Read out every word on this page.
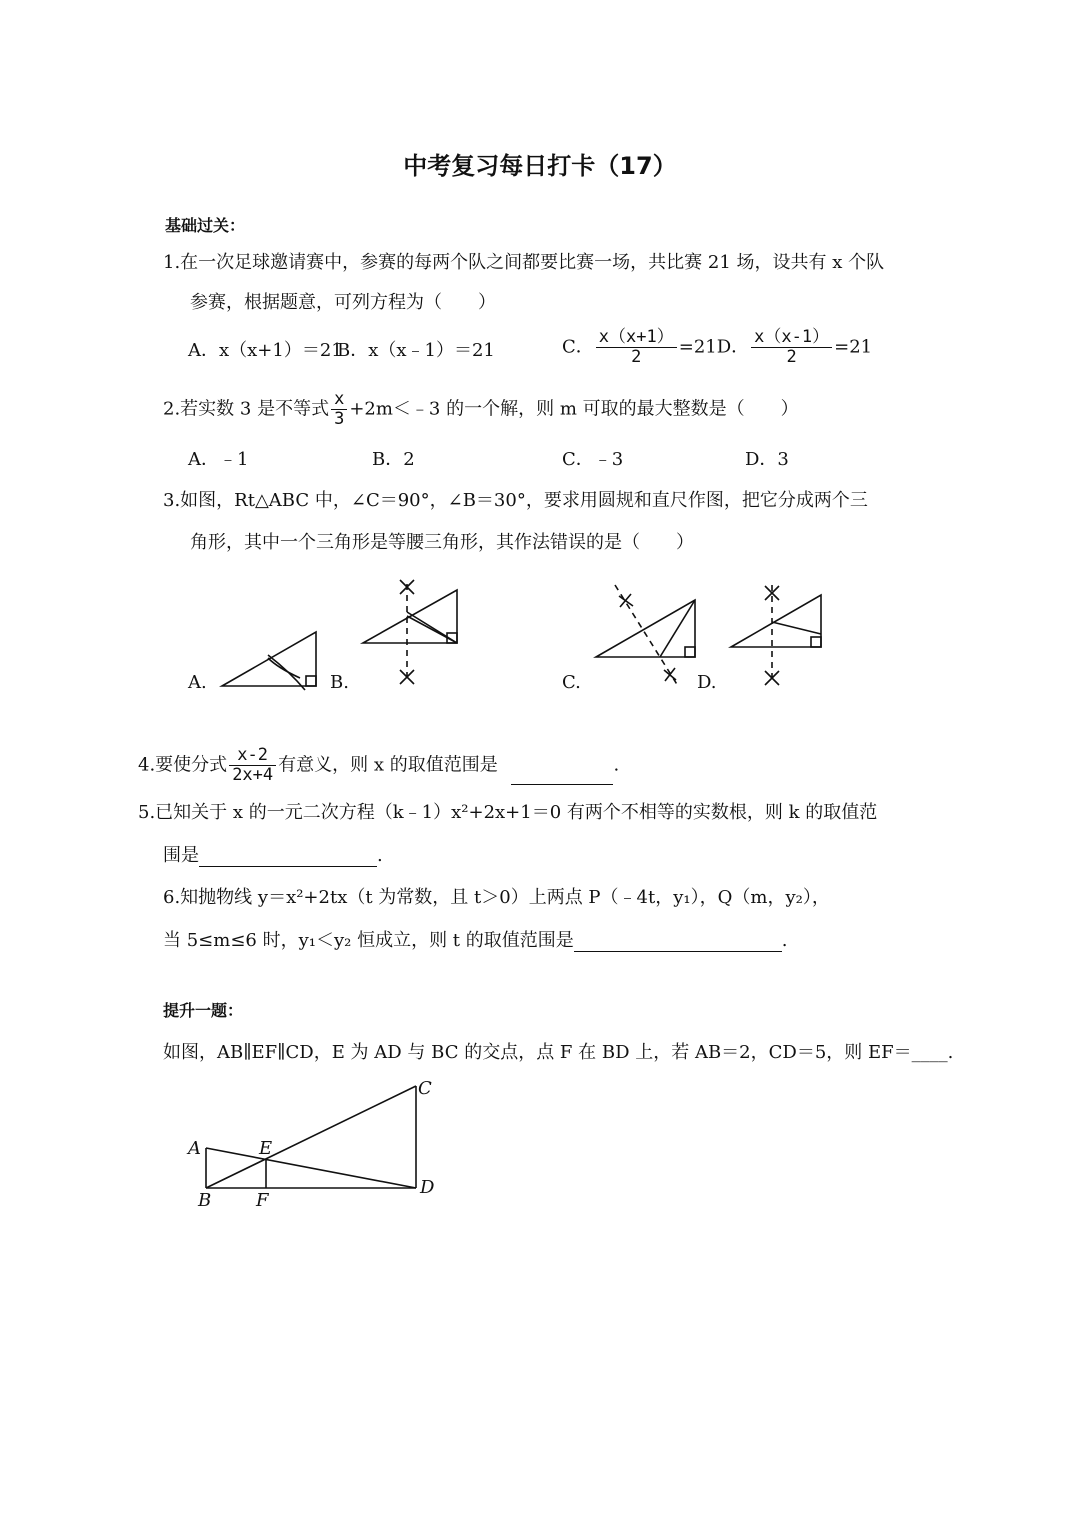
中考复习每日打卡（17）
基础过关：
1.在一次足球邀请赛中，参赛的每两个队之间都要比赛一场，共比赛 21 场，设共有 x 个队
参赛，根据题意，可列方程为（　　）
A．x（x+1）＝21
B．x（x﹣1）＝21	C． $\frac{x(x+1)}{2} =21D$． $\frac{x(x-1)}{2} =21$
2.若实数 3 是不等式 $\frac{x}{3}$ +2m＜﹣3 的一个解，则 m 可取的最大整数是（　　）
A．﹣1	B．2	C．﹣3	D．3
3.如图，Rt△ABC 中，∠C＝90°，∠B＝30°，要求用圆规和直尺作图，把它分成两个三
角形，其中一个三角形是等腰三角形，其作法错误的是（　　）
A.	B.	C.	D.
4.要使分式 $\frac{x-2}{2x+4}$ 有意义，则 x 的取值范围是	.
5.已知关于 x 的一元二次方程（k﹣1）x²+2x+1＝0 有两个不相等的实数根，则 k 的取值范
围是	.
6.知抛物线 y＝x²+2tx（t 为常数，且 t＞0）上两点 P（﹣4t，y₁），Q（m，y₂），
当 5≤m≤6 时，y₁＜y₂ 恒成立，则 t 的取值范围是	.
提升一题：
如图，AB∥EF∥CD，E 为 AD 与 BC 的交点，点 F 在 BD 上，若 AB＝2，CD＝5，则 EF＝____.
A
B
C
D
E
F
